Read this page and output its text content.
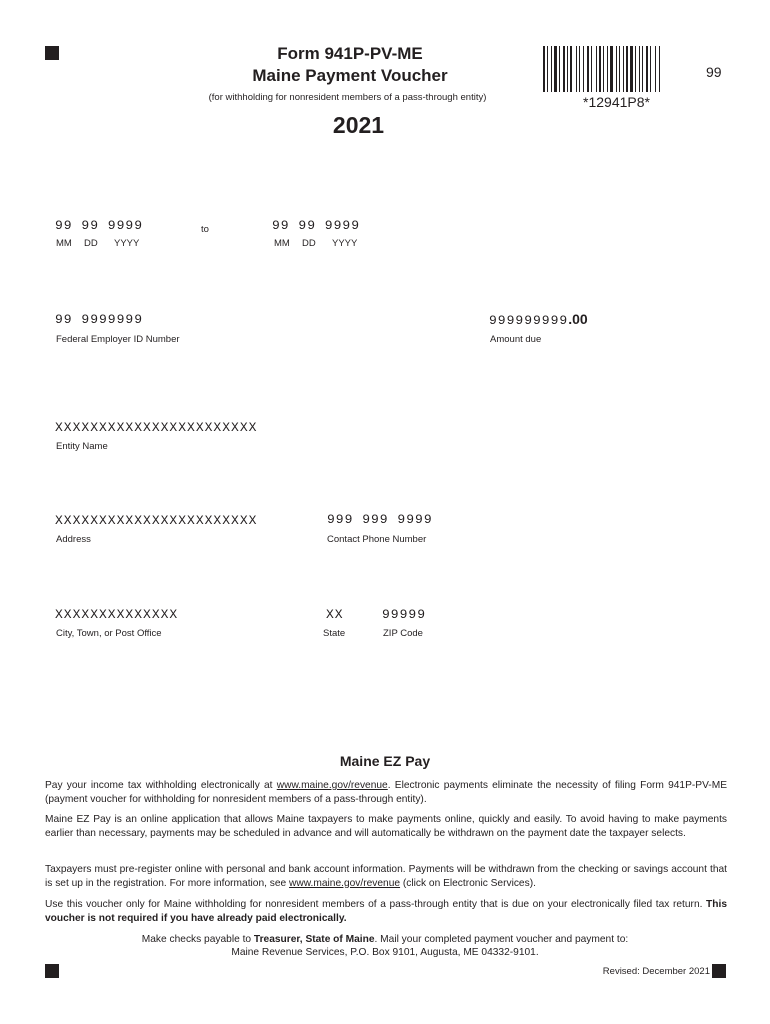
Form 941P-PV-ME
Maine Payment Voucher
(for withholding for nonresident members of a pass-through entity)
2021
*12941P8*
99
99 99 9999
MM DD YYYY
to	99 99 9999
MM DD YYYY
99 9999999
Federal Employer ID Number
999999999.00
Amount due
XXXXXXXXXXXXXXXXXXXXXXX
Entity Name
XXXXXXXXXXXXXXXXXXXXXXX
Address
999 999 9999
Contact Phone Number
XXXXXXXXXXXXXX
City, Town, or Post Office
XX
State
99999
ZIP Code
Maine EZ Pay
Pay your income tax withholding electronically at www.maine.gov/revenue. Electronic payments eliminate the necessity of filing Form 941P-PV-ME (payment voucher for withholding for nonresident members of a pass-through entity).
Maine EZ Pay is an online application that allows Maine taxpayers to make payments online, quickly and easily. To avoid having to make payments earlier than necessary, payments may be scheduled in advance and will automatically be withdrawn on the payment date the taxpayer selects.
Taxpayers must pre-register online with personal and bank account information. Payments will be withdrawn from the checking or savings account that is set up in the registration. For more information, see www.maine.gov/revenue (click on Electronic Services).
Use this voucher only for Maine withholding for nonresident members of a pass-through entity that is due on your electronically filed tax return. This voucher is not required if you have already paid electronically.
Make checks payable to Treasurer, State of Maine. Mail your completed payment voucher and payment to:
Maine Revenue Services, P.O. Box 9101, Augusta, ME 04332-9101.
Revised: December 2021
